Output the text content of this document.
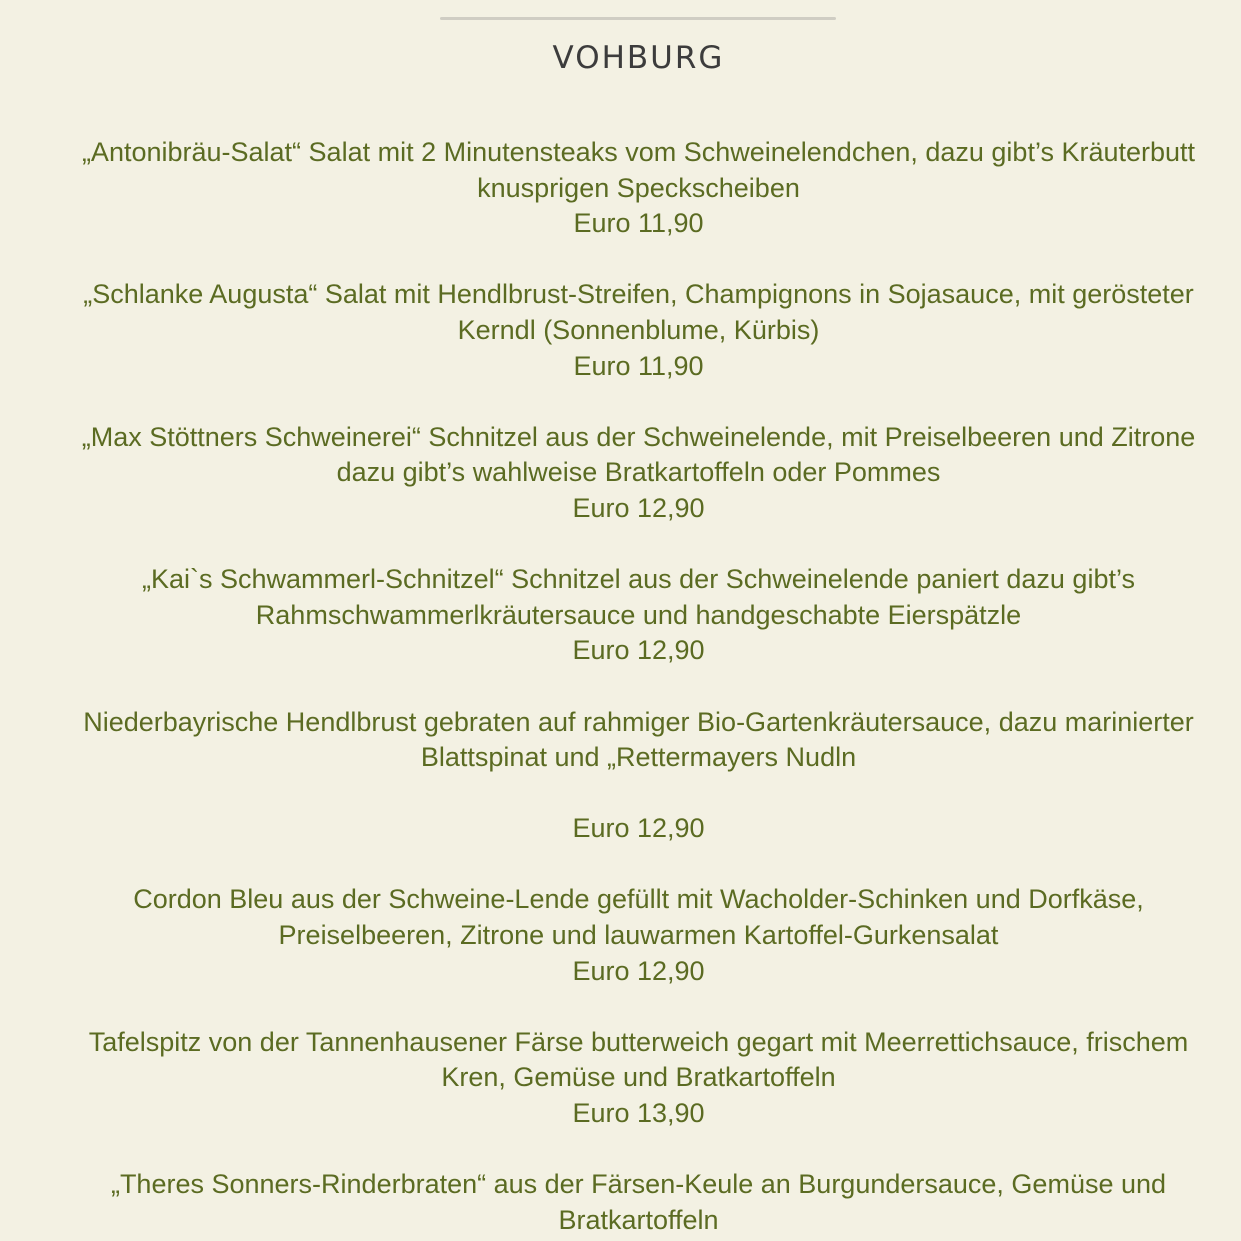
VOHBURG
„Antonibräu-Salat“ Salat mit 2 Minutensteaks vom Schweinelendchen, dazu gibt’s Kräuterbutt
knusprigen Speckscheiben
Euro 11,90
„Schlanke Augusta“ Salat mit Hendlbrust-Streifen, Champignons in Sojasauce, mit gerösteter
Kerndl (Sonnenblume, Kürbis)
Euro 11,90
„Max Stöttners Schweinerei“ Schnitzel aus der Schweinelende, mit Preiselbeeren und Zitrone
dazu gibt’s wahlweise Bratkartoffeln oder Pommes
Euro 12,90
„Kai`s Schwammerl-Schnitzel“ Schnitzel aus der Schweinelende paniert dazu gibt’s
Rahmschwammerlkräutersauce und handgeschabte Eierspätzle
Euro 12,90
Niederbayrische Hendlbrust gebraten auf rahmiger Bio-Gartenkräutersauce, dazu marinierter
Blattspinat und „Rettermayers Nudln
Euro 12,90
Cordon Bleu aus der Schweine-Lende gefüllt mit Wacholder-Schinken und Dorfkäse,
Preiselbeeren, Zitrone und lauwarmen Kartoffel-Gurkensalat
Euro 12,90
Tafelspitz von der Tannenhausener Färse butterweich gegart mit Meerrettichsauce, frischem
Kren, Gemüse und Bratkartoffeln
Euro 13,90
„Theres Sonners-Rinderbraten“ aus der Färsen-Keule an Burgundersauce, Gemüse und
Bratkartoffeln
